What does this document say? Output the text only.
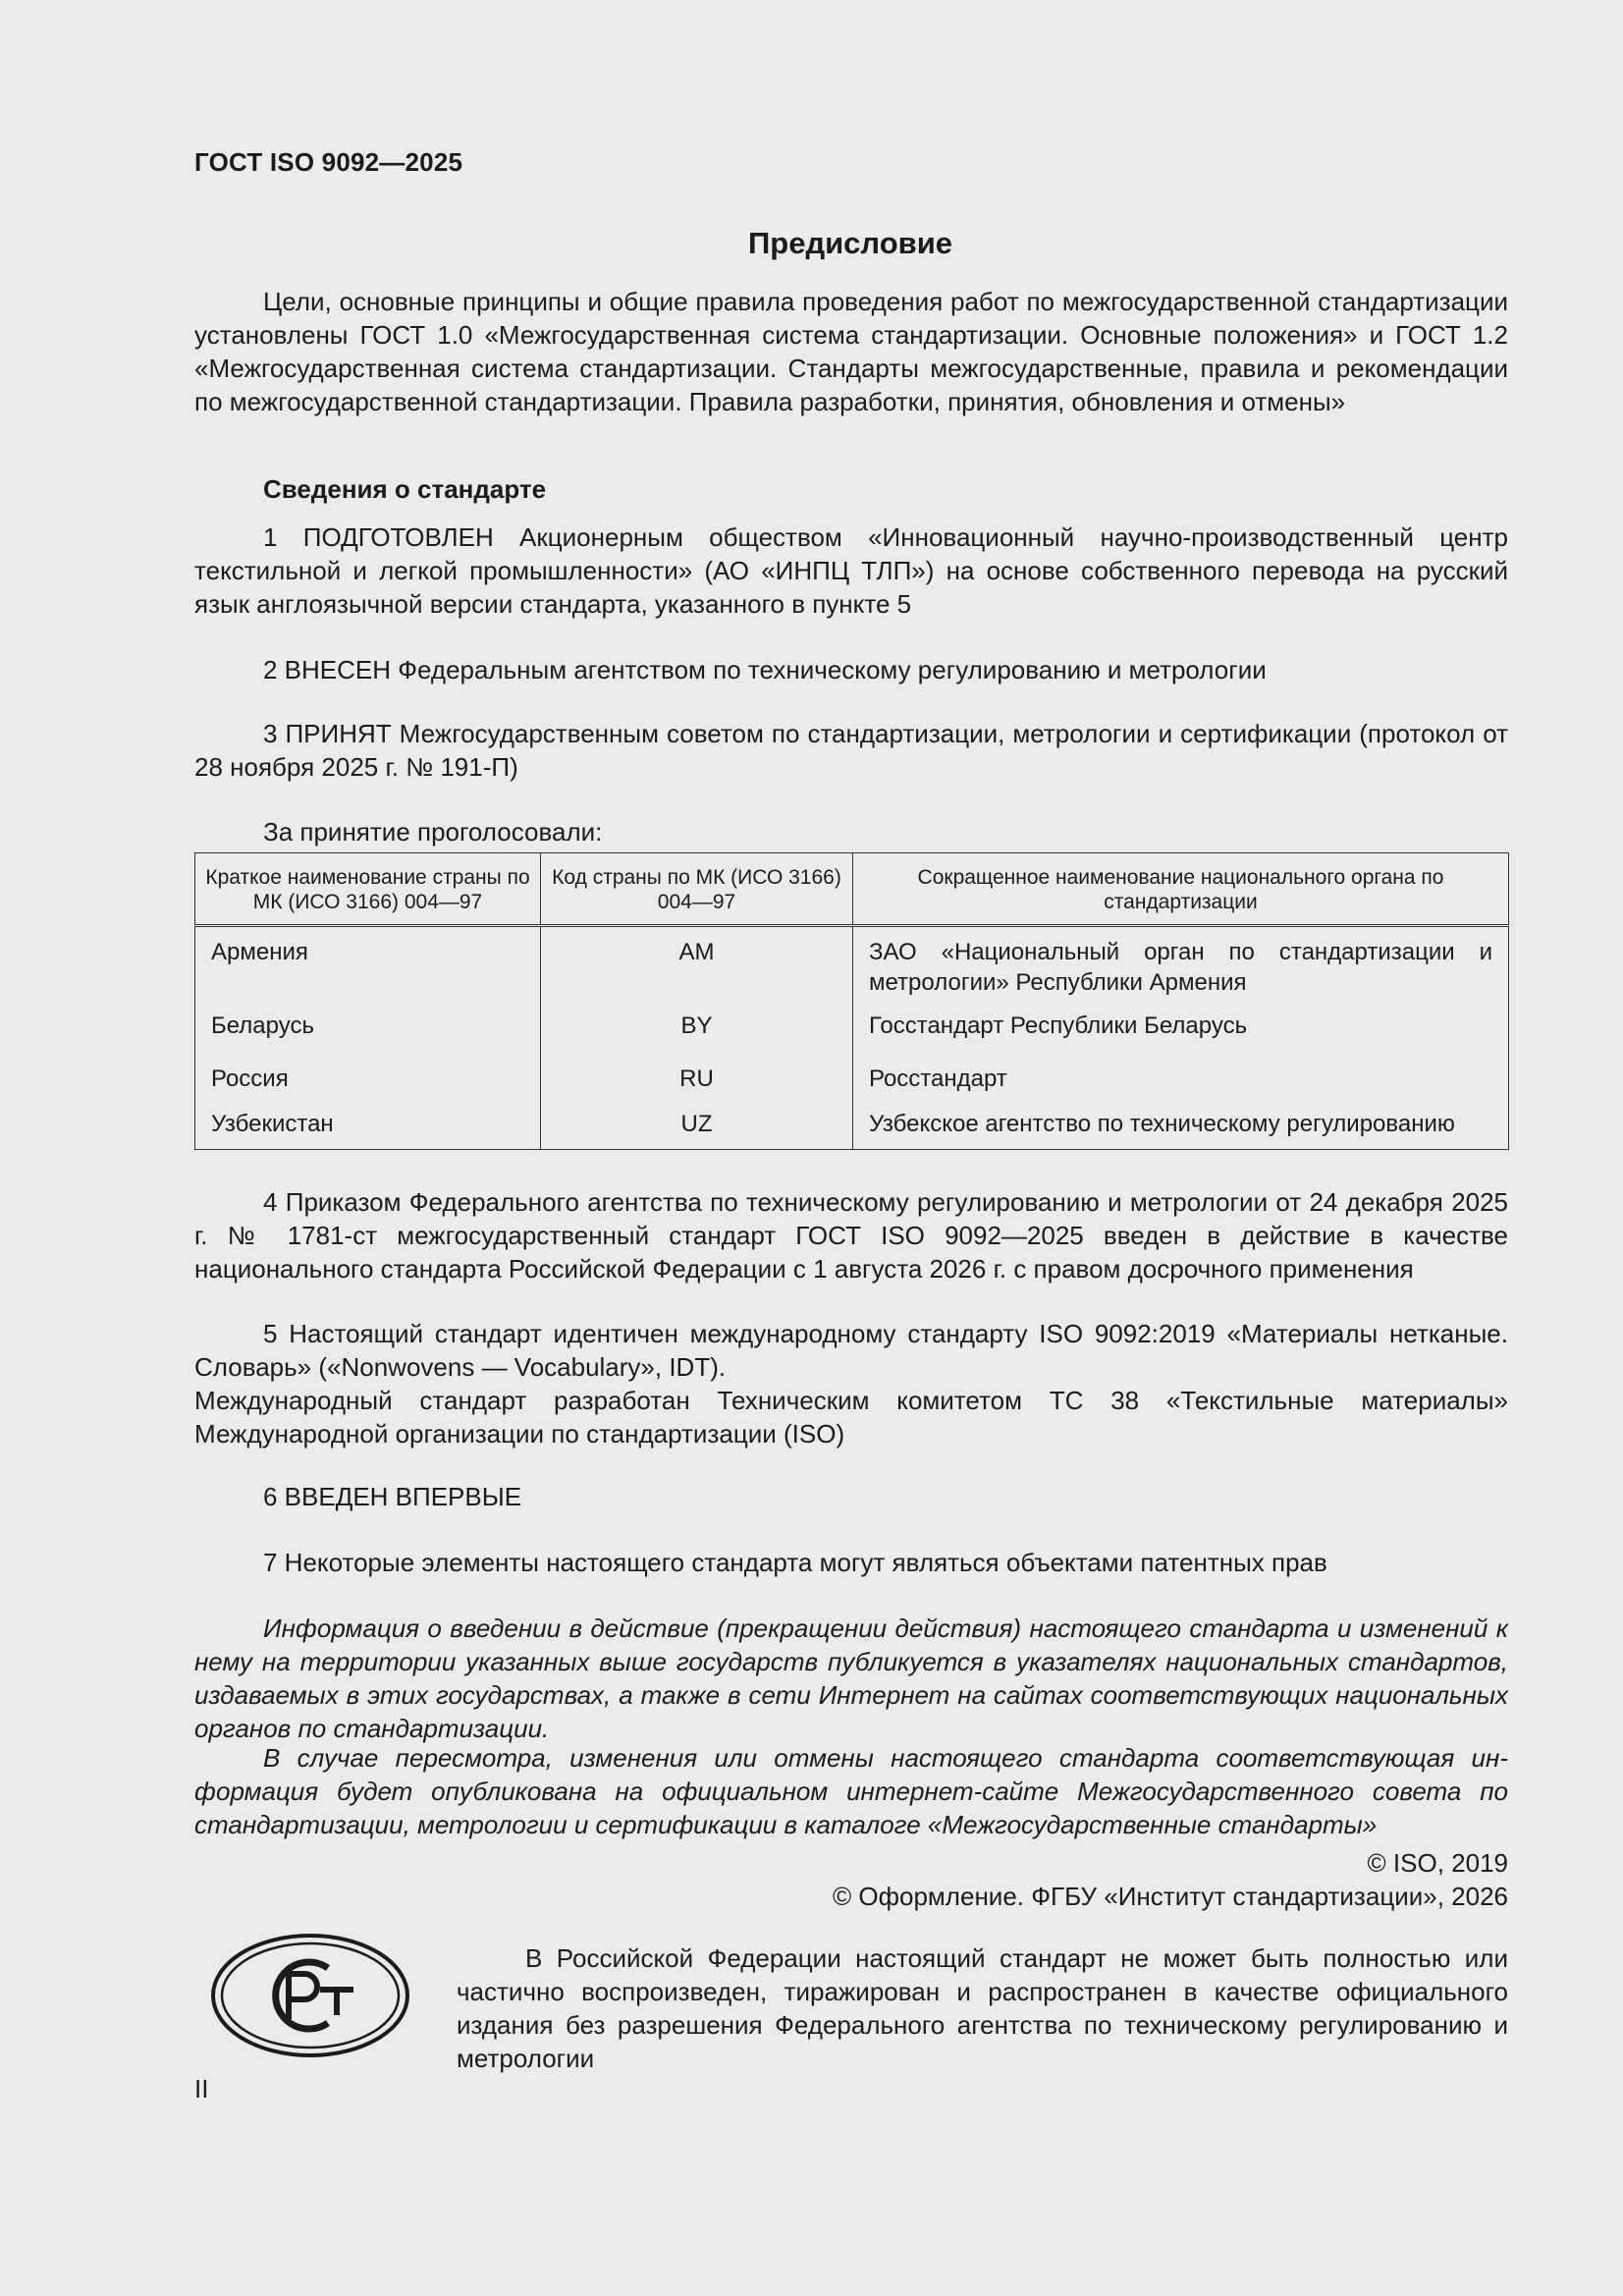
ГОСТ ISO 9092—2025
Предисловие
Цели, основные принципы и общие правила проведения работ по межгосударственной стандартизации установлены ГОСТ 1.0 «Межгосударственная система стандартизации. Основные положения» и ГОСТ 1.2 «Межгосударственная система стандартизации. Стандарты межгосударственные, правила и рекомендации по межгосударственной стандартизации. Правила разработки, принятия, обновления и отмены»
Сведения о стандарте
1 ПОДГОТОВЛЕН Акционерным обществом «Инновационный научно-производственный центр текстильной и легкой промышленности» (АО «ИНПЦ ТЛП») на основе собственного перевода на русский язык англоязычной версии стандарта, указанного в пункте 5
2 ВНЕСЕН Федеральным агентством по техническому регулированию и метрологии
3 ПРИНЯТ Межгосударственным советом по стандартизации, метрологии и сертификации (протокол от 28 ноября 2025 г. № 191-П)
За принятие проголосовали:
Краткое наименование страны по МК (ИСО 3166) 004—97	Код страны по МК (ИСО 3166) 004—97	Сокращенное наименование национального органа по стандартизации
Армения	AM	ЗАО «Национальный орган по стандартизации и метрологии» Республики Армения
Беларусь	BY	Госстандарт Республики Беларусь
Россия	RU	Росстандарт
Узбекистан	UZ	Узбекское агентство по техническому регулированию
4 Приказом Федерального агентства по техническому регулированию и метрологии от 24 декабря 2025 г. № 1781-ст межгосударственный стандарт ГОСТ ISO 9092—2025 введен в действие в качестве национального стандарта Российской Федерации с 1 августа 2026 г. с правом досрочного применения
5 Настоящий стандарт идентичен международному стандарту ISO 9092:2019 «Материалы нетканые. Словарь» («Nonwovens — Vocabulary», IDT).
Международный стандарт разработан Техническим комитетом ТС 38 «Текстильные материалы» Международной организации по стандартизации (ISO)
6 ВВЕДЕН ВПЕРВЫЕ
7 Некоторые элементы настоящего стандарта могут являться объектами патентных прав
Информация о введении в действие (прекращении действия) настоящего стандарта и изменений к нему на территории указанных выше государств публикуется в указателях национальных стандартов, издаваемых в этих государствах, а также в сети Интернет на сайтах соответствующих национальных органов по стандартизации.
В случае пересмотра, изменения или отмены настоящего стандарта соответствующая информация будет опубликована на официальном интернет-сайте Межгосударственного совета по стандартизации, метрологии и сертификации в каталоге «Межгосударственные стандарты»
© ISO, 2019
© Оформление. ФГБУ «Институт стандартизации», 2026
В Российской Федерации настоящий стандарт не может быть полностью или частично воспроизведен, тиражирован и распространен в качестве официального издания без разрешения Федерального агентства по техническому регулированию и метрологии
II
